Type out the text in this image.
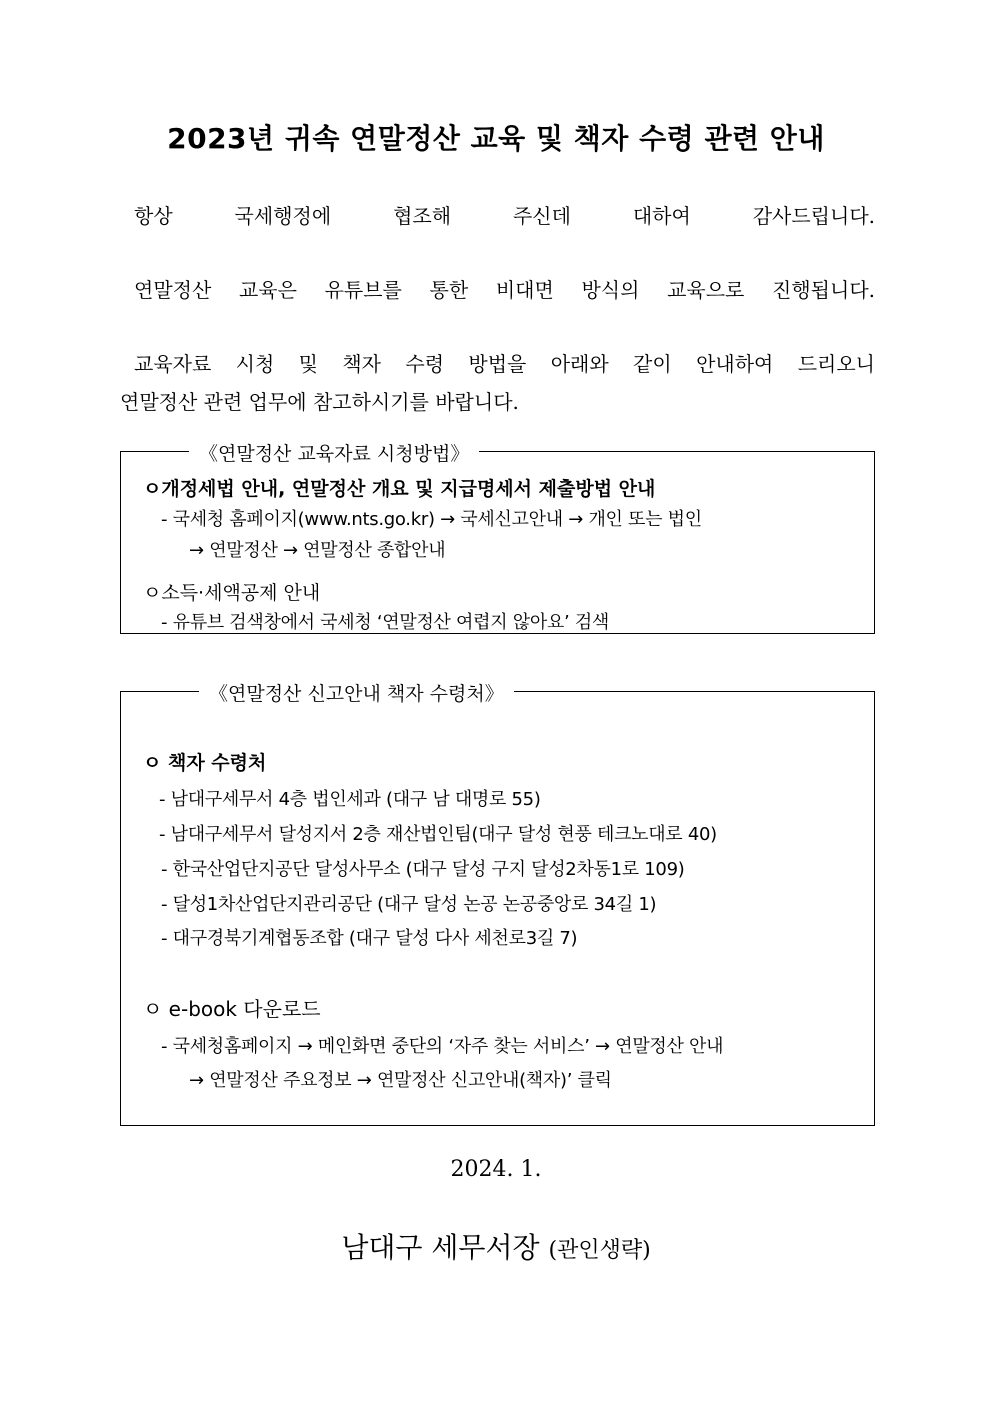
2023년 귀속 연말정산 교육 및 책자 수령 관련 안내
항상 국세행정에 협조해 주신데 대하여 감사드립니다.
연말정산 교육은 유튜브를 통한 비대면 방식의 교육으로 진행됩니다.
교육자료 시청 및 책자 수령 방법을 아래와 같이 안내하여 드리오니
연말정산 관련 업무에 참고하시기를 바랍니다.
《연말정산 교육자료 시청방법》
ㅇ개정세법 안내, 연말정산 개요 및 지급명세서 제출방법 안내
- 국세청 홈페이지(www.nts.go.kr) → 국세신고안내 → 개인 또는 법인
→ 연말정산 → 연말정산 종합안내
ㅇ소득·세액공제 안내
- 유튜브 검색창에서 국세청 ‘연말정산 여렵지 않아요’ 검색
《연말정산 신고안내 책자 수령처》
ㅇ 책자 수령처
- 남대구세무서 4층 법인세과 (대구 남 대명로 55)
- 남대구세무서 달성지서 2층 재산법인팀(대구 달성 현풍 테크노대로 40)
- 한국산업단지공단 달성사무소 (대구 달성 구지 달성2차동1로 109)
- 달성1차산업단지관리공단 (대구 달성 논공 논공중앙로 34길 1)
- 대구경북기계협동조합 (대구 달성 다사 세천로3길 7)
ㅇ e-book 다운로드
- 국세청홈페이지 → 메인화면 중단의 ‘자주 찾는 서비스’ → 연말정산 안내
→ 연말정산 주요정보 → 연말정산 신고안내(책자)’ 클릭
2024. 1.
남대구 세무서장 (관인생략)
